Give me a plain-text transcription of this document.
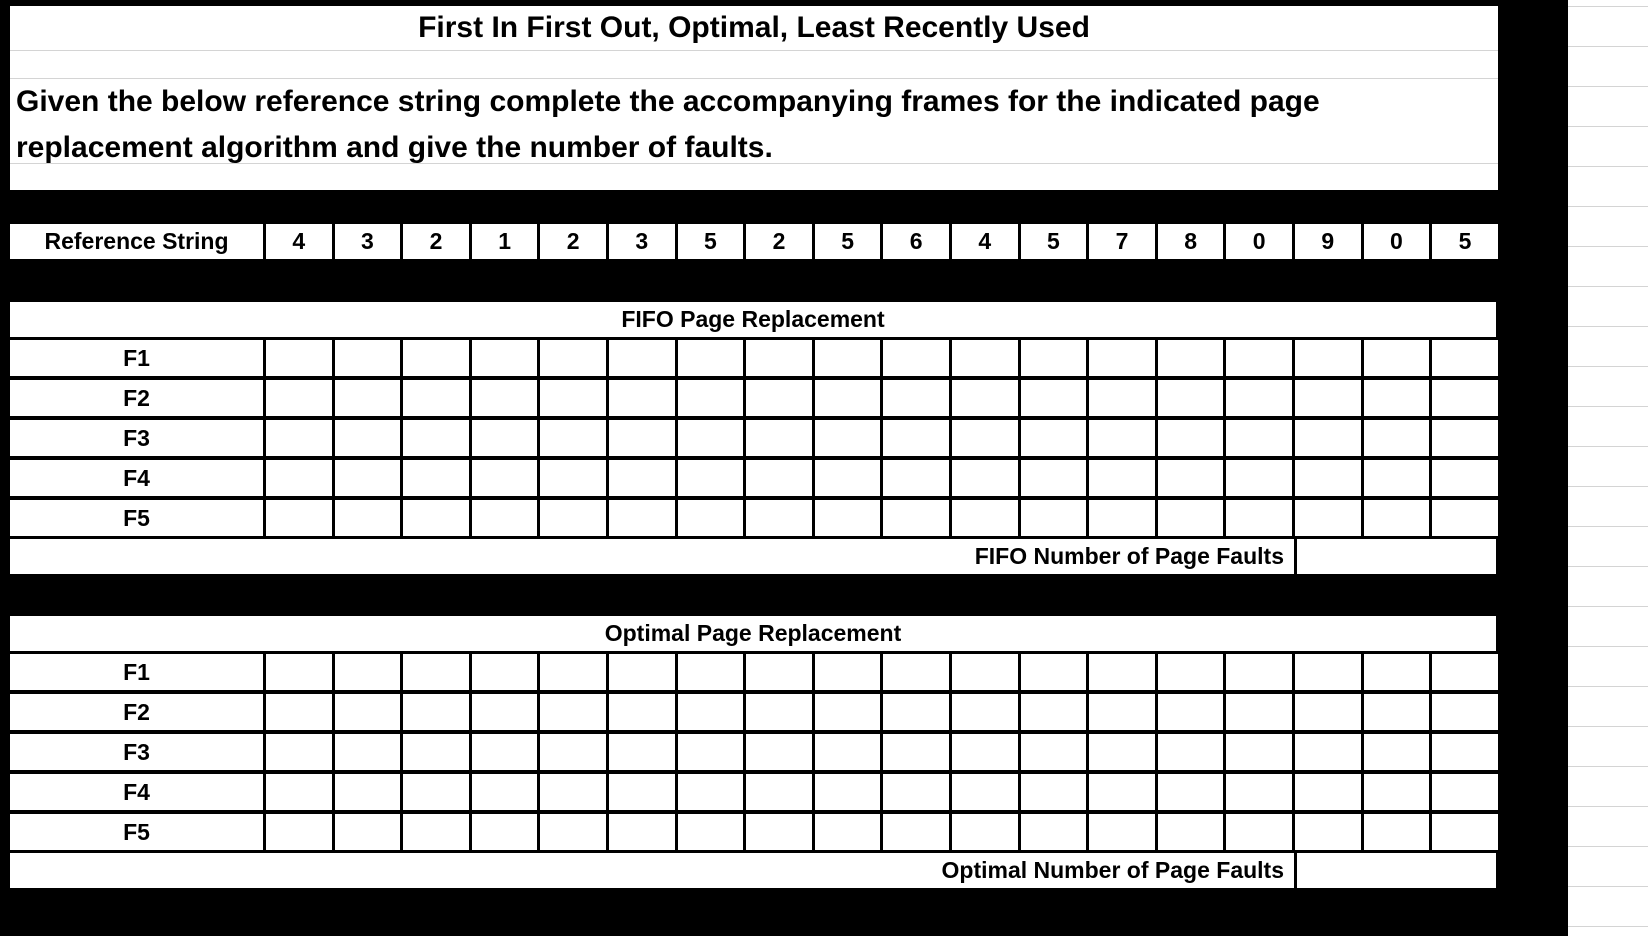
First In First Out, Optimal, Least Recently Used
Given the below reference string complete the accompanying frames for the indicated page replacement algorithm and give the number of faults.
Reference String	4	3	2	1	2	3	5	2	5	6	4	5	7	8	0	9	0	5
FIFO Page Replacement
F1
F2
F3
F4
F5
FIFO Number of Page Faults
Optimal Page Replacement
F1
F2
F3
F4
F5
Optimal Number of Page Faults
